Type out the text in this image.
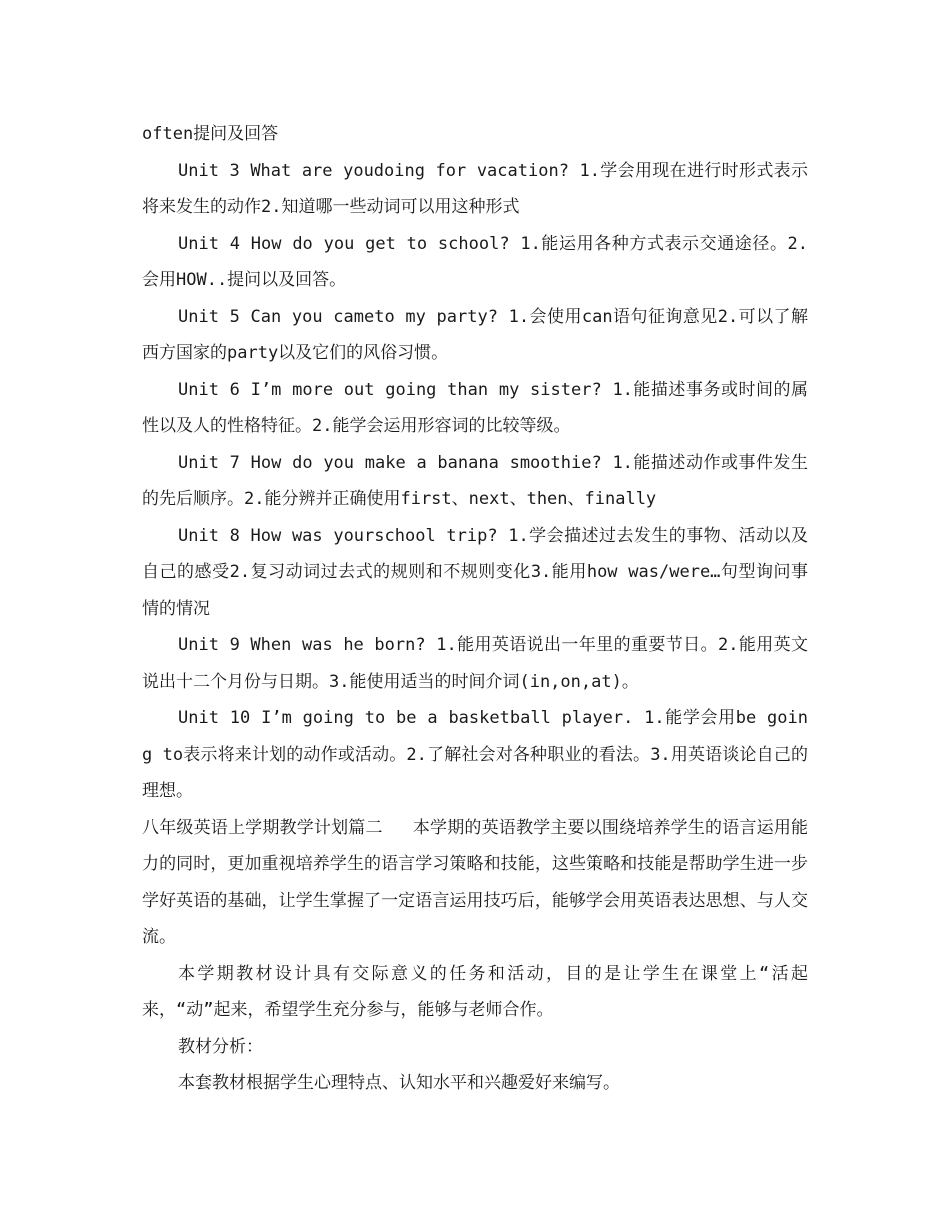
often提问及回答

Unit 3 What are youdoing for vacation? 1.学会用现在进行时形式表示将来发生的动作2.知道哪一些动词可以用这种形式

Unit 4 How do you get to school? 1.能运用各种方式表示交通途径。2.会用HOW..提问以及回答。

Unit 5 Can you cameto my party? 1.会使用can语句征询意见2.可以了解西方国家的party以及它们的风俗习惯。

Unit 6 I’m more out going than my sister? 1.能描述事务或时间的属性以及人的性格特征。2.能学会运用形容词的比较等级。

Unit 7 How do you make a banana smoothie? 1.能描述动作或事件发生的先后顺序。2.能分辨并正确使用first、next、then、finally

Unit 8 How was yourschool trip? 1.学会描述过去发生的事物、活动以及自己的感受2.复习动词过去式的规则和不规则变化3.能用how was/were…句型询问事情的情况

Unit 9 When was he born? 1.能用英语说出一年里的重要节日。2.能用英文说出十二个月份与日期。3.能使用适当的时间介词(in,on,at)。

Unit 10 I’m going to be a basketball player. 1.能学会用be going to表示将来计划的动作或活动。2.了解社会对各种职业的看法。3.用英语谈论自己的理想。

八年级英语上学期教学计划篇二 本学期的英语教学主要以围绕培养学生的语言运用能力的同时，更加重视培养学生的语言学习策略和技能，这些策略和技能是帮助学生进一步学好英语的基础，让学生掌握了一定语言运用技巧后，能够学会用英语表达思想、与人交流。

本学期教材设计具有交际意义的任务和活动，目的是让学生在课堂上“活起来，“动”起来，希望学生充分参与，能够与老师合作。

教材分析：

本套教材根据学生心理特点、认知水平和兴趣爱好来编写。
